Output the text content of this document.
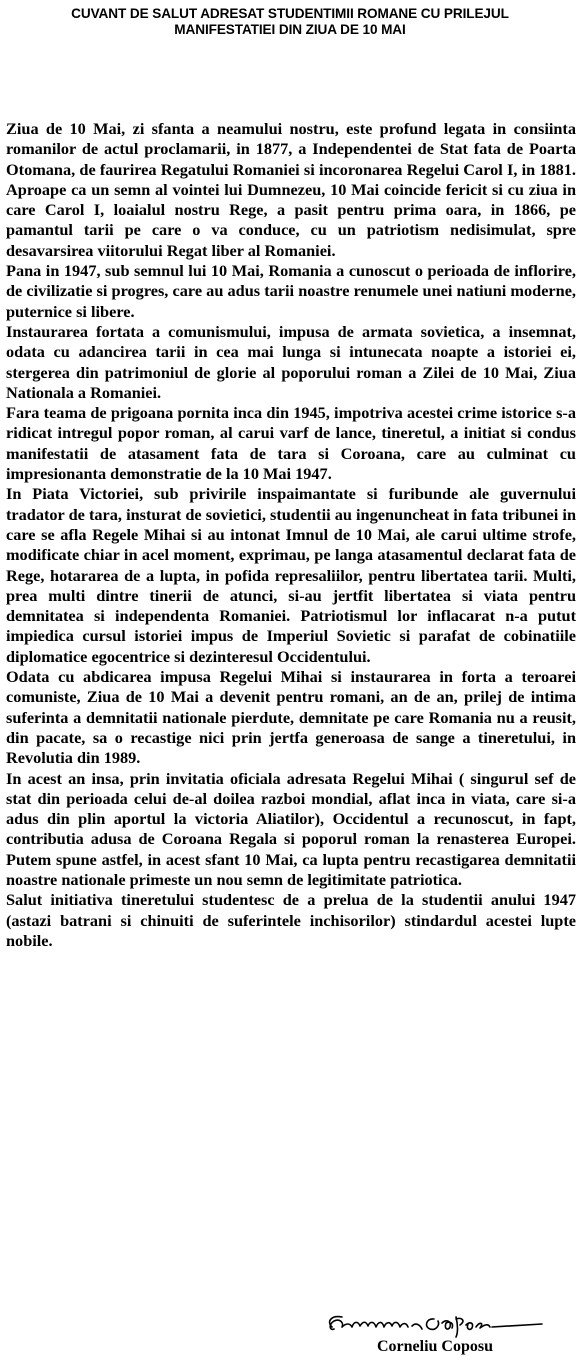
CUVANT DE SALUT ADRESAT STUDENTIMII ROMANE CU PRILEJUL
MANIFESTATIEI DIN ZIUA DE 10 MAI

Ziua de 10 Mai, zi sfanta a neamului nostru, este profund legata in consiinta romanilor de actul proclamarii, in 1877, a Independentei de Stat fata de Poarta Otomana, de faurirea Regatului Romaniei si incoronarea Regelui Carol I, in 1881. Aproape ca un semn al vointei lui Dumnezeu, 10 Mai coincide fericit si cu ziua in care Carol I, loaialul nostru Rege, a pasit pentru prima oara, in 1866, pe pamantul tarii pe care o va conduce, cu un patriotism nedisimulat, spre desavarsirea viitorului Regat liber al Romaniei.

Pana in 1947, sub semnul lui 10 Mai, Romania a cunoscut o perioada de inflorire, de civilizatie si progres, care au adus tarii noastre renumele unei natiuni moderne, puternice si libere.

Instaurarea fortata a comunismului, impusa de armata sovietica, a insemnat, odata cu adancirea tarii in cea mai lunga si intunecata noapte a istoriei ei, stergerea din patrimoniul de glorie al poporului roman a Zilei de 10 Mai, Ziua Nationala a Romaniei.

Fara teama de prigoana pornita inca din 1945, impotriva acestei crime istorice s-a ridicat intregul popor roman, al carui varf de lance, tineretul, a initiat si condus manifestatii de atasament fata de tara si Coroana, care au culminat cu impresionanta demonstratie de la 10 Mai 1947.

In Piata Victoriei, sub privirile inspaimantate si furibunde ale guvernului tradator de tara, insturat de sovietici, studentii au ingenuncheat in fata tribunei in care se afla Regele Mihai si au intonat Imnul de 10 Mai, ale carui ultime strofe, modificate chiar in acel moment, exprimau, pe langa atasamentul declarat fata de Rege, hotararea de a lupta, in pofida represaliilor, pentru libertatea tarii. Multi, prea multi dintre tinerii de atunci, si-au jertfit libertatea si viata pentru demnitatea si independenta Romaniei. Patriotismul lor inflacarat n-a putut impiedica cursul istoriei impus de Imperiul Sovietic si parafat de cobinatiile diplomatice egocentrice si dezinteresul Occidentului.

Odata cu abdicarea impusa Regelui Mihai si instaurarea in forta a teroarei comuniste, Ziua de 10 Mai a devenit pentru romani, an de an, prilej de intima suferinta a demnitatii nationale pierdute, demnitate pe care Romania nu a reusit, din pacate, sa o recastige nici prin jertfa generoasa de sange a tineretului, in Revolutia din 1989.

In acest an insa, prin invitatia oficiala adresata Regelui Mihai ( singurul sef de stat din perioada celui de-al doilea razboi mondial, aflat inca in viata, care si-a adus din plin aportul la victoria Aliatilor), Occidentul a recunoscut, in fapt, contributia adusa de Coroana Regala si poporul roman la renasterea Europei. Putem spune astfel, in acest sfant 10 Mai, ca lupta pentru recastigarea demnitatii noastre nationale primeste un nou semn de legitimitate patriotica.

Salut initiativa tineretului studentesc de a prelua de la studentii anului 1947 (astazi batrani si chinuiti de suferintele inchisorilor) stindardul acestei lupte nobile.

Corneliu Coposu
